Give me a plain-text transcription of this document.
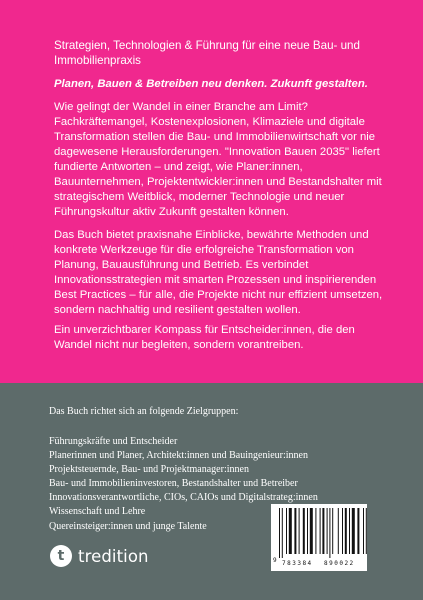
Strategien, Technologien & Führung für eine neue Bau- und Immobilienpraxis

Planen, Bauen & Betreiben neu denken. Zukunft gestalten.

Wie gelingt der Wandel in einer Branche am Limit? Fachkräftemangel, Kostenexplosionen, Klimaziele und digitale Transformation stellen die Bau- und Immobilienwirtschaft vor nie dagewesene Herausforderungen. "Innovation Bauen 2035" liefert fundierte Antworten – und zeigt, wie Planer:innen, Bauunternehmen, Projektentwickler:innen und Bestandshalter mit strategischem Weitblick, moderner Technologie und neuer Führungskultur aktiv Zukunft gestalten können.

Das Buch bietet praxisnahe Einblicke, bewährte Methoden und konkrete Werkzeuge für die erfolgreiche Transformation von Planung, Bauausführung und Betrieb. Es verbindet Innovationsstrategien mit smarten Prozessen und inspirierenden Best Practices – für alle, die Projekte nicht nur effizient umsetzen, sondern nachhaltig und resilient gestalten wollen.

Ein unverzichtbarer Kompass für Entscheider:innen, die den Wandel nicht nur begleiten, sondern vorantreiben.

Das Buch richtet sich an folgende Zielgruppen:

Führungskräfte und Entscheider
Planerinnen und Planer, Architekt:innen und Bauingenieur:innen
Projektsteuernde, Bau- und Projektmanager:innen
Bau- und Immobilieninvestoren, Bestandshalter und Betreiber
Innovationsverantwortliche, CIOs, CAIOs und Digitalstrateg:innen
Wissenschaft und Lehre
Quereinsteiger:innen und junge Talente
t tredition	9 783384 890022
